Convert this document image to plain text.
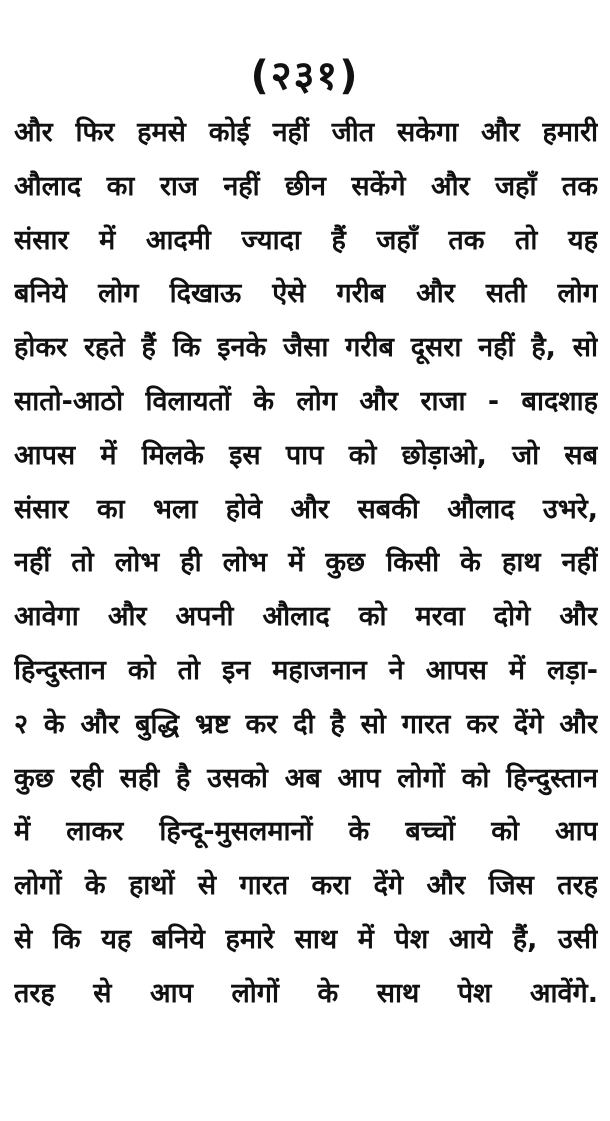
(२३१)
और फिर हमसे कोई नहीं जीत सकेगा और हमारी
औलाद का राज नहीं छीन सकेंगे और जहाँ तक
संसार में आदमी ज्यादा हैं जहाँ तक तो यह
बनिये लोग दिखाऊ ऐसे गरीब और सती लोग
होकर रहते हैं कि इनके जैसा गरीब दूसरा नहीं है, सो
सातो-आठो विलायतों के लोग और राजा - बादशाह
आपस में मिलके इस पाप को छोड़ाओ, जो सब
संसार का भला होवे और सबकी औलाद उभरे,
नहीं तो लोभ ही लोभ में कुछ किसी के हाथ नहीं
आवेगा और अपनी औलाद को मरवा दोगे और
हिन्दुस्तान को तो इन महाजनान ने आपस में लड़ा-
२ के और बुद्धि भ्रष्ट कर दी है सो गारत कर देंगे और
कुछ रही सही है उसको अब आप लोगों को हिन्दुस्तान
में लाकर हिन्दू-मुसलमानों के बच्चों को आप
लोगों के हाथों से गारत करा देंगे और जिस तरह
से कि यह बनिये हमारे साथ में पेश आये हैं, उसी
तरह से आप लोगों के साथ पेश आवेंगे.
